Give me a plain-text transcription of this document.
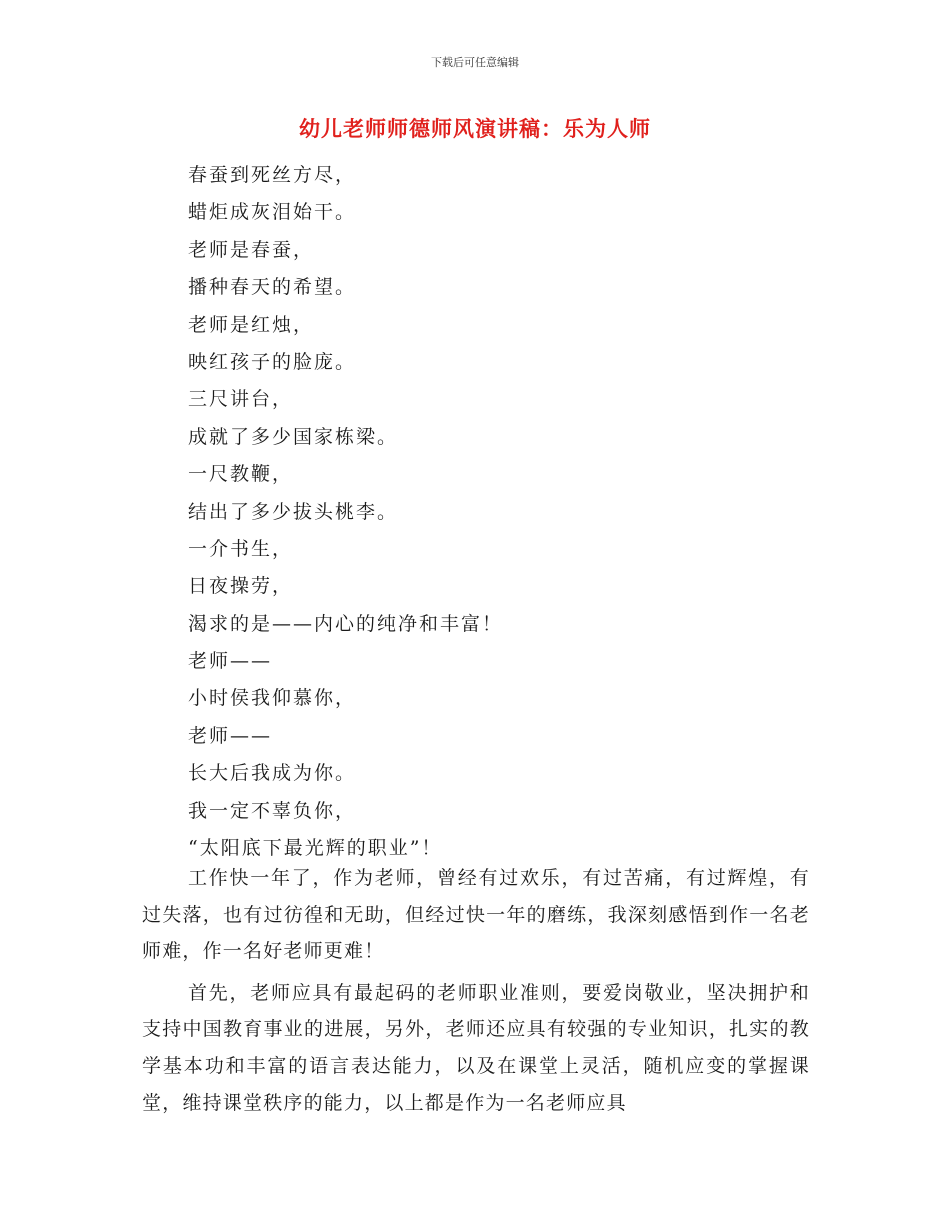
下载后可任意编辑
幼儿老师师德师风演讲稿：乐为人师
春蚕到死丝方尽，
蜡炬成灰泪始干。
老师是春蚕，
播种春天的希望。
老师是红烛，
映红孩子的脸庞。
三尺讲台，
成就了多少国家栋梁。
一尺教鞭，
结出了多少拔头桃李。
一介书生，
日夜操劳，
渴求的是——内心的纯净和丰富！
老师——
小时侯我仰慕你，
老师——
长大后我成为你。
我一定不辜负你，
“太阳底下最光辉的职业”！

工作快一年了，作为老师，曾经有过欢乐，有过苦痛，有过辉煌，有过失落，也有过彷徨和无助，但经过快一年的磨练，我深刻感悟到作一名老师难，作一名好老师更难！

首先，老师应具有最起码的老师职业准则，要爱岗敬业，坚决拥护和支持中国教育事业的进展，另外，老师还应具有较强的专业知识，扎实的教学基本功和丰富的语言表达能力，以及在课堂上灵活，随机应变的掌握课堂，维持课堂秩序的能力，以上都是作为一名老师应具
